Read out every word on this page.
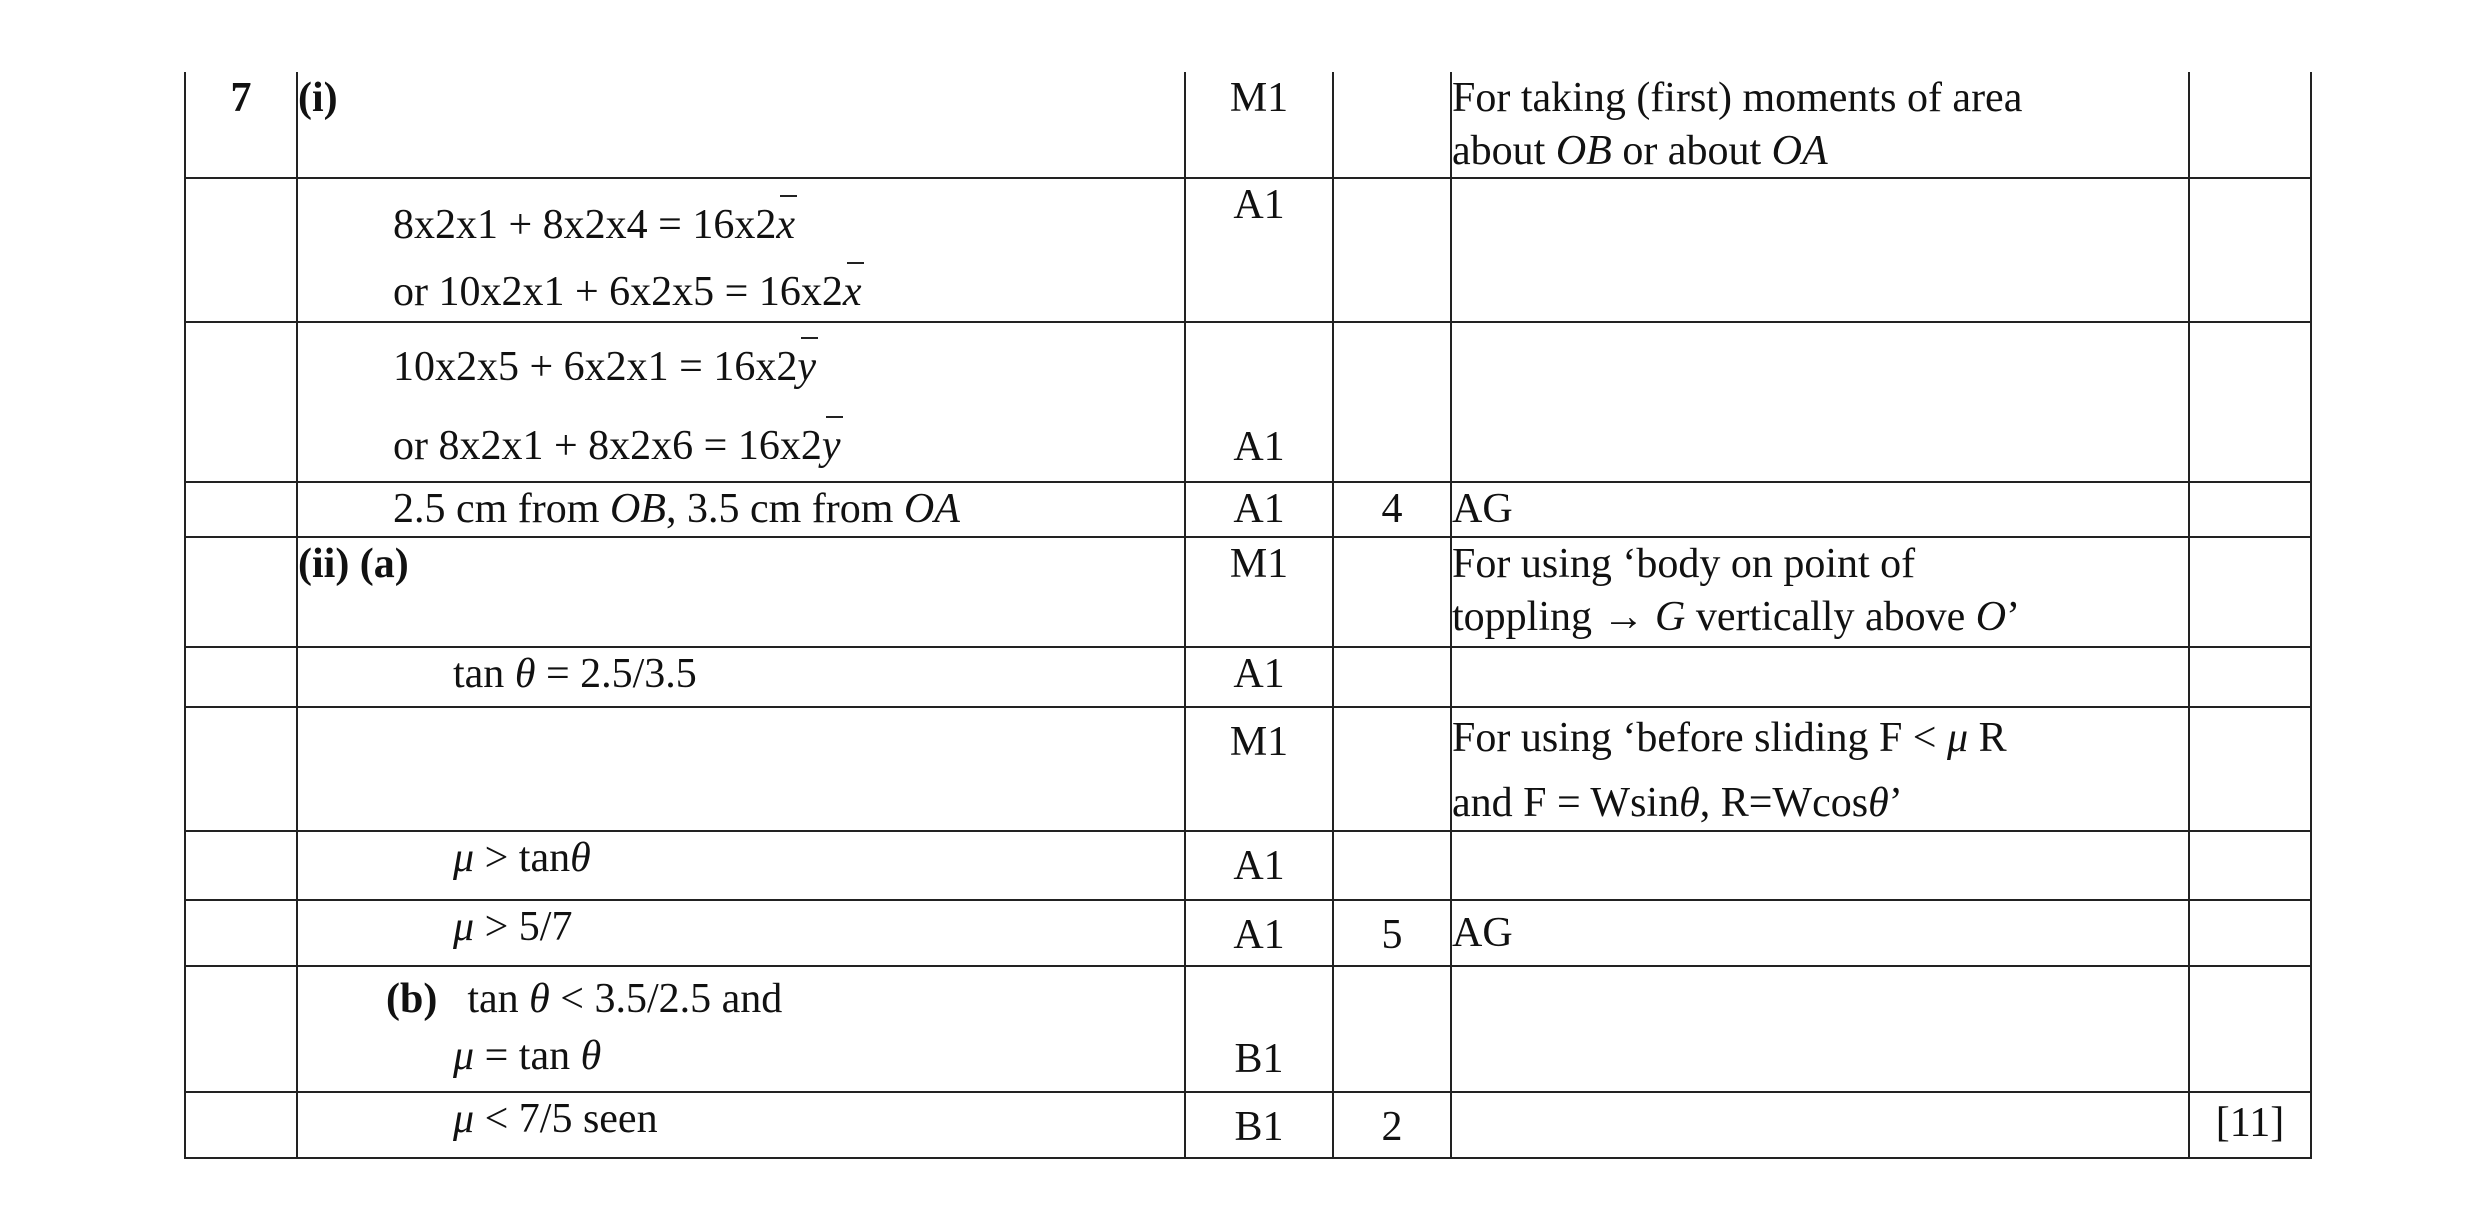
7	(i)	M1		For taking (first) moments of area
about OB or about OA	

	8x2x1 + 8x2x4 = 16x2x
or 10x2x1 + 6x2x5 = 16x2x	A1			

	10x2x5 + 6x2x1 = 16x2y
or 8x2x1 + 8x2x6 = 16x2y	A1			

	2.5 cm from OB, 3.5 cm from OA	A1	4	AG	

	(ii) (a)	M1		For using ‘body on point of
toppling → G vertically above O’	

	tan θ = 2.5/3.5	A1			

		M1		For using ‘before sliding F < μ R
and F = Wsinθ, R=Wcosθ’	

	μ > tanθ	A1			

	μ > 5/7	A1	5	AG	

	(b) tan θ < 3.5/2.5 and
μ = tan θ	B1			

	μ < 7/5 seen	B1	2		[11]
